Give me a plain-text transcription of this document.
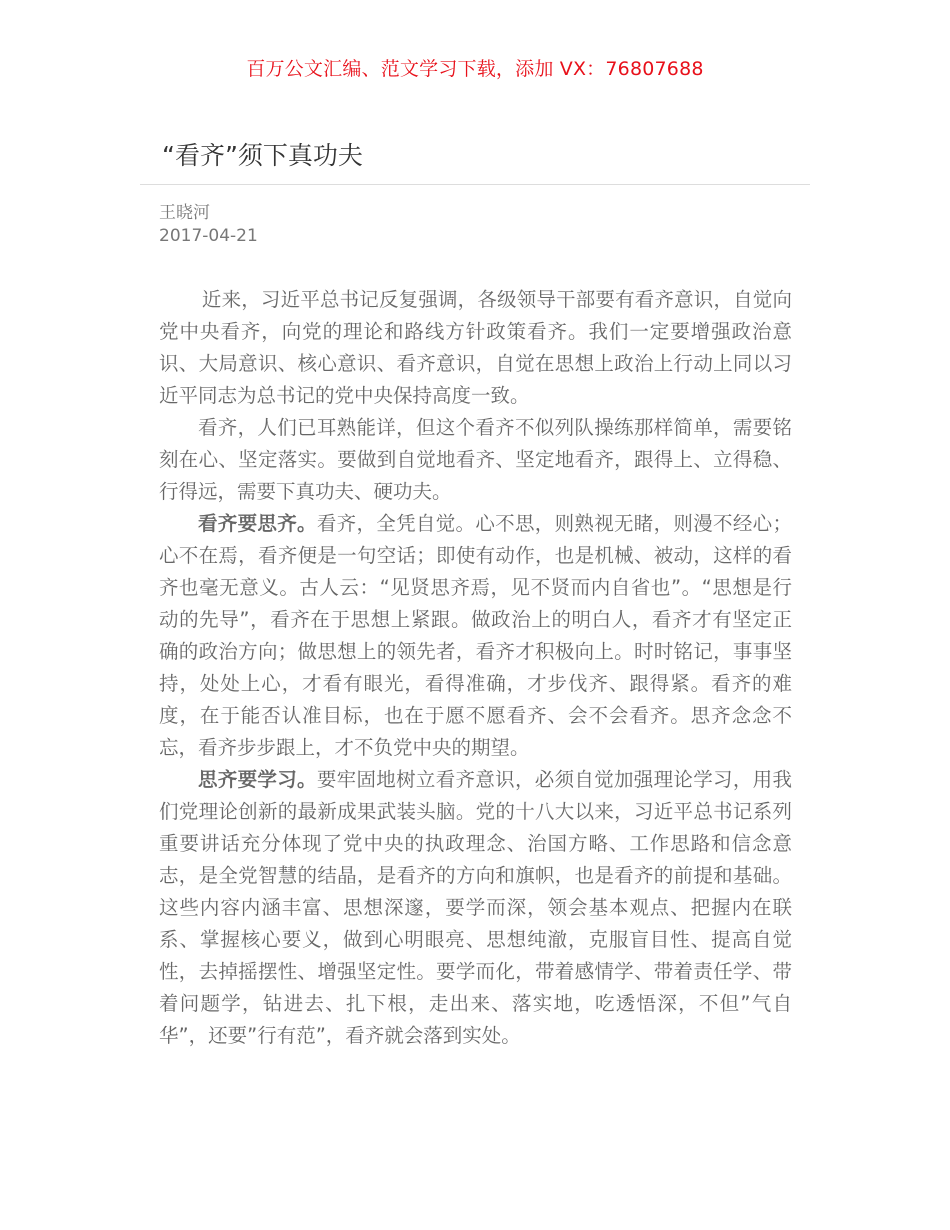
百万公文汇编、范文学习下载，添加 VX：76807688
“看齐”须下真功夫
王晓河
2017-04-21

近来，习近平总书记反复强调，各级领导干部要有看齐意识，自觉向党中央看齐，向党的理论和路线方针政策看齐。我们一定要增强政治意识、大局意识、核心意识、看齐意识，自觉在思想上政治上行动上同以习近平同志为总书记的党中央保持高度一致。

看齐，人们已耳熟能详，但这个看齐不似列队操练那样简单，需要铭刻在心、坚定落实。要做到自觉地看齐、坚定地看齐，跟得上、立得稳、行得远，需要下真功夫、硬功夫。

看齐要思齐。看齐，全凭自觉。心不思，则熟视无睹，则漫不经心；心不在焉，看齐便是一句空话；即使有动作，也是机械、被动，这样的看齐也毫无意义。古人云：“见贤思齐焉，见不贤而内自省也”。“思想是行动的先导”，看齐在于思想上紧跟。做政治上的明白人，看齐才有坚定正确的政治方向；做思想上的领先者，看齐才积极向上。时时铭记，事事坚持，处处上心，才看有眼光，看得准确，才步伐齐、跟得紧。看齐的难度，在于能否认准目标，也在于愿不愿看齐、会不会看齐。思齐念念不忘，看齐步步跟上，才不负党中央的期望。

思齐要学习。要牢固地树立看齐意识，必须自觉加强理论学习，用我们党理论创新的最新成果武装头脑。党的十八大以来，习近平总书记系列重要讲话充分体现了党中央的执政理念、治国方略、工作思路和信念意志，是全党智慧的结晶，是看齐的方向和旗帜，也是看齐的前提和基础。这些内容内涵丰富、思想深邃，要学而深，领会基本观点、把握内在联系、掌握核心要义，做到心明眼亮、思想纯澈，克服盲目性、提高自觉性，去掉摇摆性、增强坚定性。要学而化，带着感情学、带着责任学、带着问题学，钻进去、扎下根，走出来、落实地，吃透悟深，不但”气自华”，还要”行有范”，看齐就会落到实处。
